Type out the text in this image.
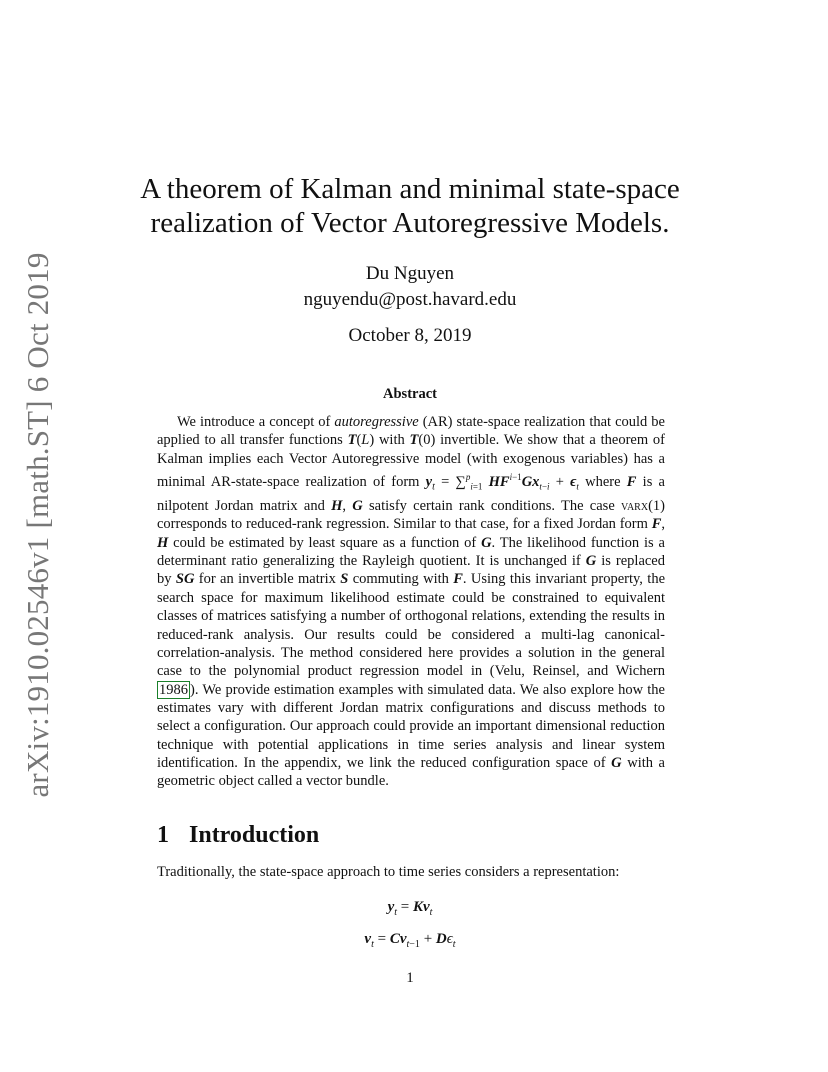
arXiv:1910.02546v1 [math.ST] 6 Oct 2019
A theorem of Kalman and minimal state-space
realization of Vector Autoregressive Models.
Du Nguyen
nguyendu@post.havard.edu
October 8, 2019
Abstract
We introduce a concept of autoregressive (AR) state-space realization that could be applied to all transfer functions T(L) with T(0) invertible. We show that a theorem of Kalman implies each Vector Autoregressive model (with exogenous variables) has a minimal AR-state-space realization of form $y_t = \sum^p_{i=1}$ $HF^{i-1}Gx_{t-i} + \epsilon_t$ where F is a nilpotent Jordan matrix and H, G satisfy certain rank conditions. The case varx(1) corresponds to reduced-rank regression. Similar to that case, for a fixed Jordan form F, H could be estimated by least square as a function of G. The likelihood function is a determinant ratio generalizing the Rayleigh quotient. It is unchanged if G is replaced by SG for an invertible matrix S commuting with F. Using this invariant property, the search space for maximum likelihood estimate could be constrained to equivalent classes of matrices satisfying a number of orthogonal relations, extending the results in reduced-rank analysis. Our results could be considered a multi-lag canonical-correlation-analysis. The method considered here provides a solution in the general case to the polynomial product regression model in (Velu, Reinsel, and Wichern 1986 ). We provide estimation examples with simulated data. We also explore how the estimates vary with different Jordan matrix configurations and discuss methods to select a configuration. Our approach could provide an important dimensional reduction technique with potential applications in time series analysis and linear system identification. In the appendix, we link the reduced configuration space of G with a geometric object called a vector bundle.
1 Introduction
Traditionally, the state-space approach to time series considers a representation:
$y_t = Kv_t$
$v_t = Cv_{t-1} + D\epsilon_t$
1
